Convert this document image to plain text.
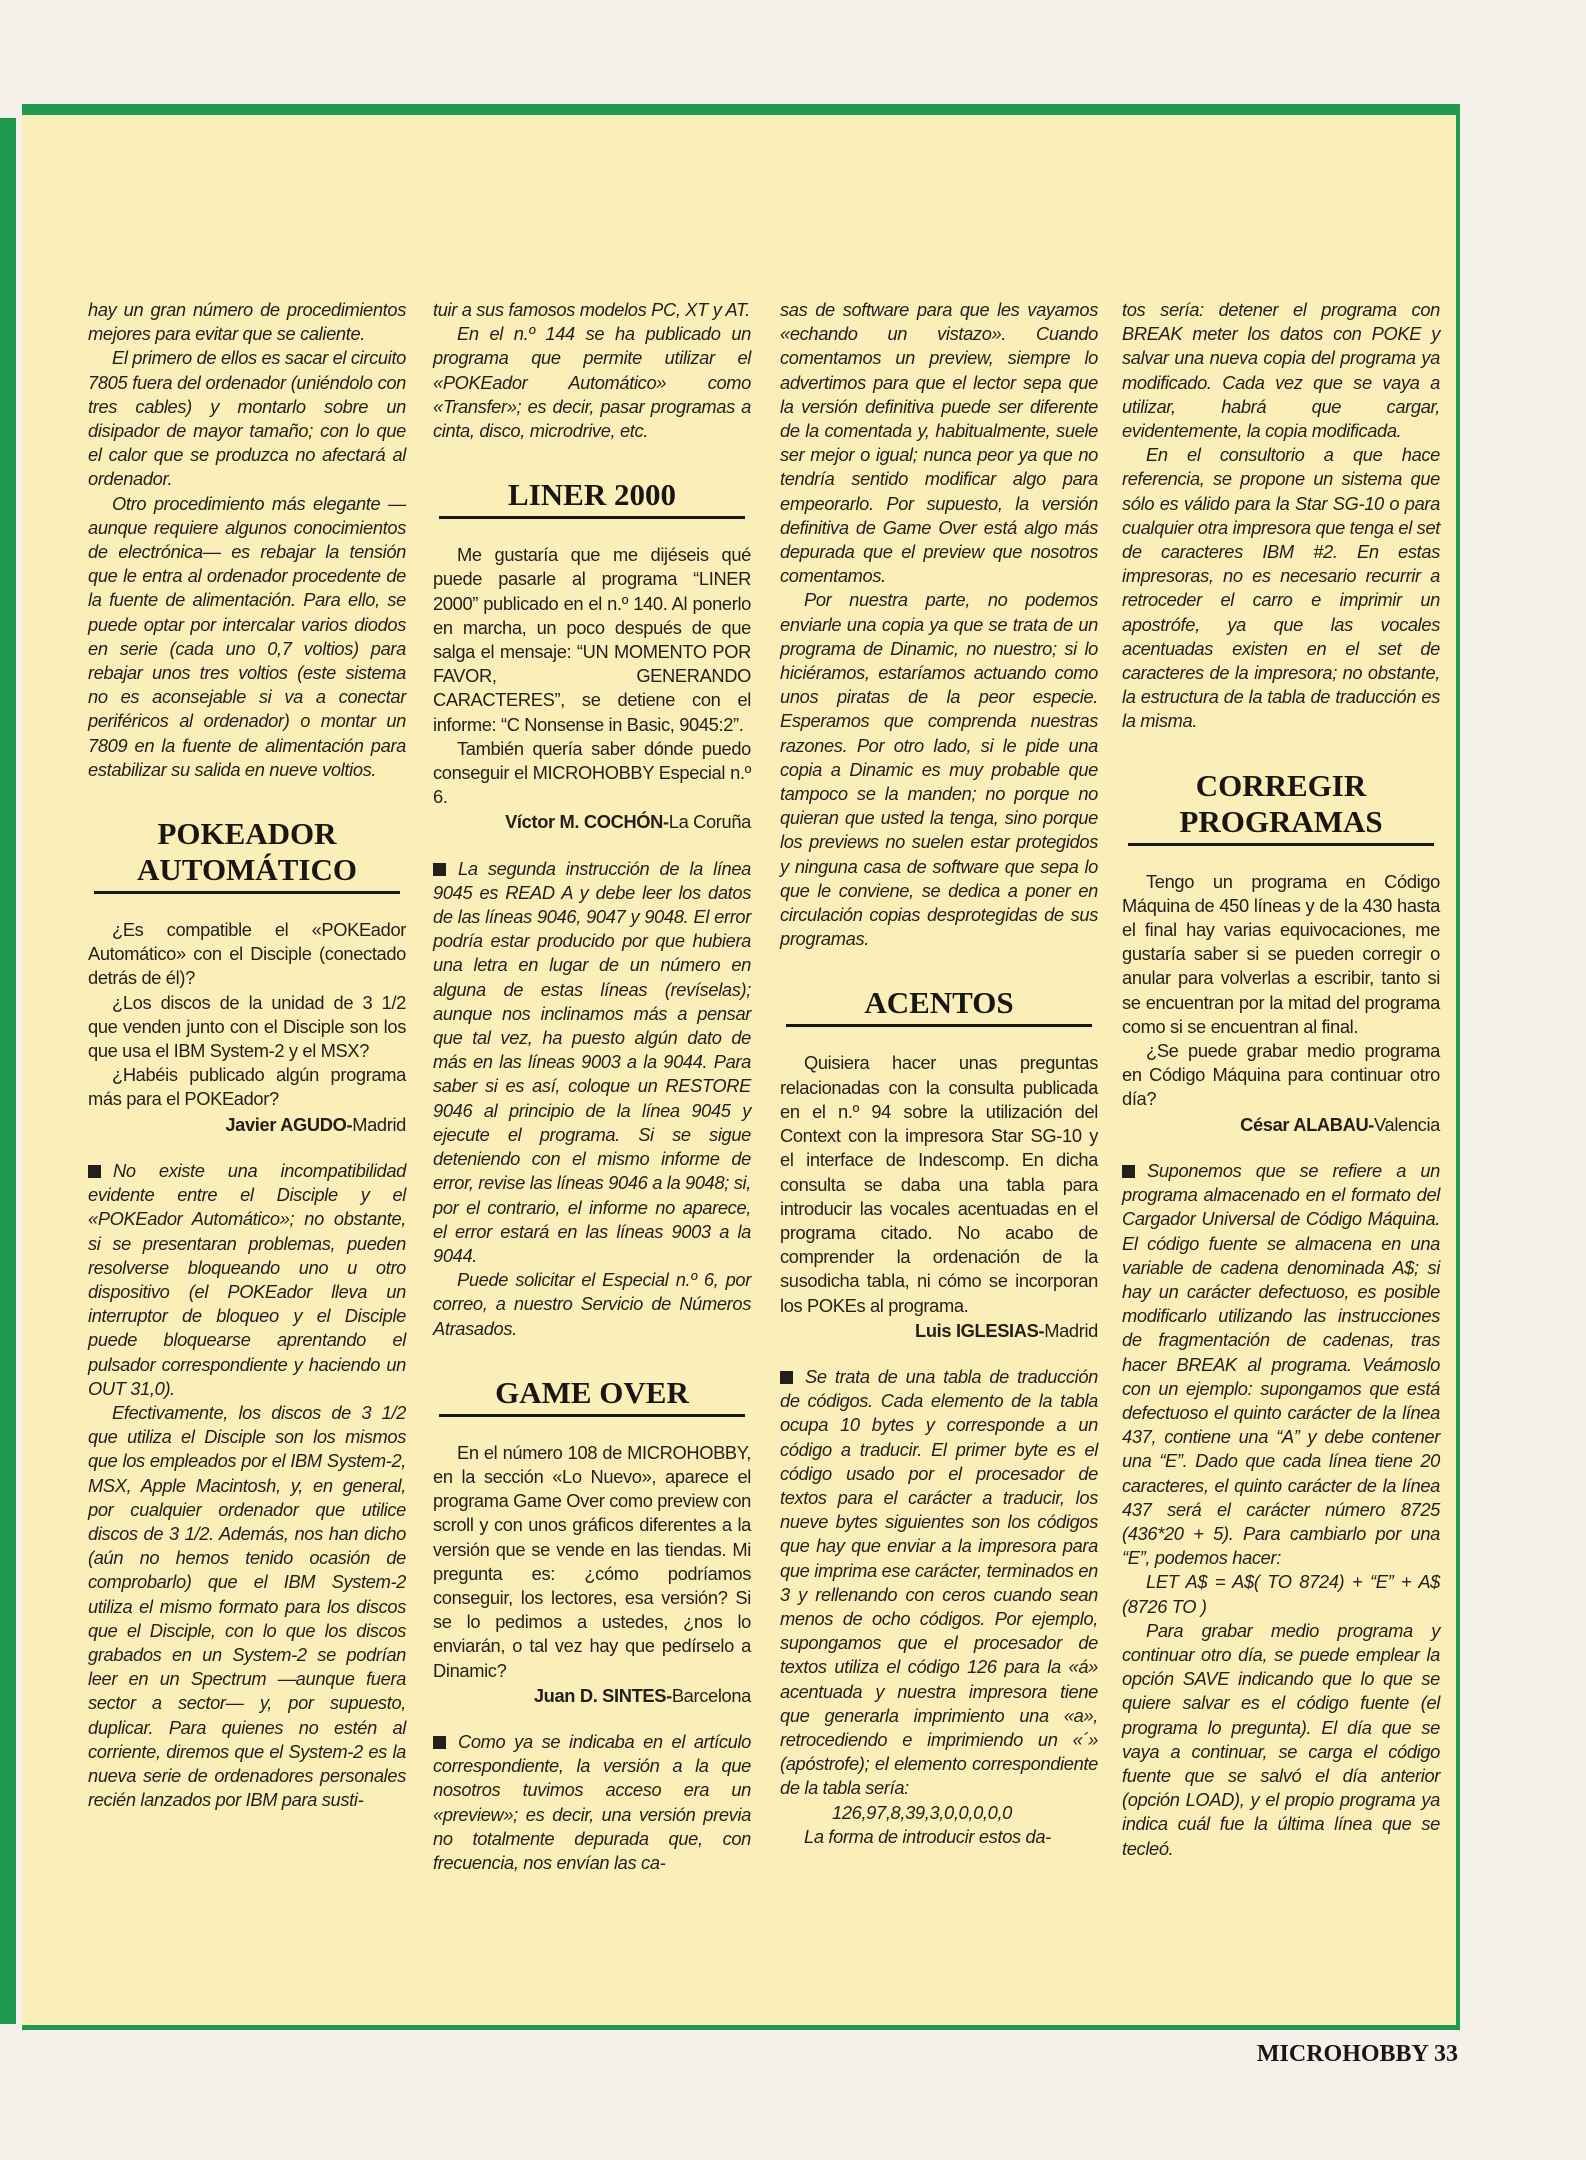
hay un gran número de procedimientos mejores para evitar que se caliente.

El primero de ellos es sacar el circuito 7805 fuera del ordenador (uniéndolo con tres cables) y montarlo sobre un disipador de mayor tamaño; con lo que el calor que se produzca no afectará al ordenador.

Otro procedimiento más elegante —aunque requiere algunos conocimientos de electrónica— es rebajar la tensión que le entra al ordenador procedente de la fuente de alimentación. Para ello, se puede optar por intercalar varios diodos en serie (cada uno 0,7 voltios) para rebajar unos tres voltios (este sistema no es aconsejable si va a conectar periféricos al ordenador) o montar un 7809 en la fuente de alimentación para estabilizar su salida en nueve voltios.

POKEADOR AUTOMÁTICO

¿Es compatible el «POKEador Automático» con el Disciple (conectado detrás de él)?

¿Los discos de la unidad de 3 1/2 que venden junto con el Disciple son los que usa el IBM System-2 y el MSX?

¿Habéis publicado algún programa más para el POKEador?

Javier AGUDO-Madrid

No existe una incompatibilidad evidente entre el Disciple y el «POKEador Automático»; no obstante, si se presentaran problemas, pueden resolverse bloqueando uno u otro dispositivo (el POKEador lleva un interruptor de bloqueo y el Disciple puede bloquearse aprentando el pulsador correspondiente y haciendo un OUT 31,0).

Efectivamente, los discos de 3 1/2 que utiliza el Disciple son los mismos que los empleados por el IBM System-2, MSX, Apple Macintosh, y, en general, por cualquier ordenador que utilice discos de 3 1/2. Además, nos han dicho (aún no hemos tenido ocasión de comprobarlo) que el IBM System-2 utiliza el mismo formato para los discos que el Disciple, con lo que los discos grabados en un System-2 se podrían leer en un Spectrum —aunque fuera sector a sector— y, por supuesto, duplicar. Para quienes no estén al corriente, diremos que el System-2 es la nueva serie de ordenadores personales recién lanzados por IBM para susti-

tuir a sus famosos modelos PC, XT y AT.

En el n.º 144 se ha publicado un programa que permite utilizar el «POKEador Automático» como «Transfer»; es decir, pasar programas a cinta, disco, microdrive, etc.

LINER 2000

Me gustaría que me dijéseis qué puede pasarle al programa “LINER 2000” publicado en el n.º 140. Al ponerlo en marcha, un poco después de que salga el mensaje: “UN MOMENTO POR FAVOR, GENERANDO CARACTERES”, se detiene con el informe: “C Nonsense in Basic, 9045:2”.

También quería saber dónde puedo conseguir el MICROHOBBY Especial n.º 6.

Víctor M. COCHÓN-La Coruña

La segunda instrucción de la línea 9045 es READ A y debe leer los datos de las líneas 9046, 9047 y 9048. El error podría estar producido por que hubiera una letra en lugar de un número en alguna de estas líneas (revíselas); aunque nos inclinamos más a pensar que tal vez, ha puesto algún dato de más en las líneas 9003 a la 9044. Para saber si es así, coloque un RESTORE 9046 al principio de la línea 9045 y ejecute el programa. Si se sigue deteniendo con el mismo informe de error, revise las líneas 9046 a la 9048; si, por el contrario, el informe no aparece, el error estará en las líneas 9003 a la 9044.

Puede solicitar el Especial n.º 6, por correo, a nuestro Servicio de Números Atrasados.

GAME OVER

En el número 108 de MICROHOBBY, en la sección «Lo Nuevo», aparece el programa Game Over como preview con scroll y con unos gráficos diferentes a la versión que se vende en las tiendas. Mi pregunta es: ¿cómo podríamos conseguir, los lectores, esa versión? Si se lo pedimos a ustedes, ¿nos lo enviarán, o tal vez hay que pedírselo a Dinamic?

Juan D. SINTES-Barcelona

Como ya se indicaba en el artículo correspondiente, la versión a la que nosotros tuvimos acceso era un «preview»; es decir, una versión previa no totalmente depurada que, con frecuencia, nos envían las ca-

sas de software para que les vayamos «echando un vistazo». Cuando comentamos un preview, siempre lo advertimos para que el lector sepa que la versión definitiva puede ser diferente de la comentada y, habitualmente, suele ser mejor o igual; nunca peor ya que no tendría sentido modificar algo para empeorarlo. Por supuesto, la versión definitiva de Game Over está algo más depurada que el preview que nosotros comentamos.

Por nuestra parte, no podemos enviarle una copia ya que se trata de un programa de Dinamic, no nuestro; si lo hiciéramos, estaríamos actuando como unos piratas de la peor especie. Esperamos que comprenda nuestras razones. Por otro lado, si le pide una copia a Dinamic es muy probable que tampoco se la manden; no porque no quieran que usted la tenga, sino porque los previews no suelen estar protegidos y ninguna casa de software que sepa lo que le conviene, se dedica a poner en circulación copias desprotegidas de sus programas.

ACENTOS

Quisiera hacer unas preguntas relacionadas con la consulta publicada en el n.º 94 sobre la utilización del Context con la impresora Star SG-10 y el interface de Indescomp. En dicha consulta se daba una tabla para introducir las vocales acentuadas en el programa citado. No acabo de comprender la ordenación de la susodicha tabla, ni cómo se incorporan los POKEs al programa.

Luis IGLESIAS-Madrid

Se trata de una tabla de traducción de códigos. Cada elemento de la tabla ocupa 10 bytes y corresponde a un código a traducir. El primer byte es el código usado por el procesador de textos para el carácter a traducir, los nueve bytes siguientes son los códigos que hay que enviar a la impresora para que imprima ese carácter, terminados en 3 y rellenando con ceros cuando sean menos de ocho códigos. Por ejemplo, supongamos que el procesador de textos utiliza el código 126 para la «á» acentuada y nuestra impresora tiene que generarla imprimiento una «a», retrocediendo e imprimiendo un «´» (apóstrofe); el elemento correspondiente de la tabla sería:

126,97,8,39,3,0,0,0,0,0

La forma de introducir estos da-

tos sería: detener el programa con BREAK meter los datos con POKE y salvar una nueva copia del programa ya modificado. Cada vez que se vaya a utilizar, habrá que cargar, evidentemente, la copia modificada.

En el consultorio a que hace referencia, se propone un sistema que sólo es válido para la Star SG-10 o para cualquier otra impresora que tenga el set de caracteres IBM #2. En estas impresoras, no es necesario recurrir a retroceder el carro e imprimir un apostrófe, ya que las vocales acentuadas existen en el set de caracteres de la impresora; no obstante, la estructura de la tabla de traducción es la misma.

CORREGIR PROGRAMAS

Tengo un programa en Código Máquina de 450 líneas y de la 430 hasta el final hay varias equivocaciones, me gustaría saber si se pueden corregir o anular para volverlas a escribir, tanto si se encuentran por la mitad del programa como si se encuentran al final.

¿Se puede grabar medio programa en Código Máquina para continuar otro día?

César ALABAU-Valencia

Suponemos que se refiere a un programa almacenado en el formato del Cargador Universal de Código Máquina. El código fuente se almacena en una variable de cadena denominada A$; si hay un carácter defectuoso, es posible modificarlo utilizando las instrucciones de fragmentación de cadenas, tras hacer BREAK al programa. Veámoslo con un ejemplo: supongamos que está defectuoso el quinto carácter de la línea 437, contiene una “A” y debe contener una “E”. Dado que cada línea tiene 20 caracteres, el quinto carácter de la línea 437 será el carácter número 8725 (436*20 + 5). Para cambiarlo por una “E”, podemos hacer:

LET A$ = A$( TO 8724) + “E” + A$ (8726 TO )

Para grabar medio programa y continuar otro día, se puede emplear la opción SAVE indicando que lo que se quiere salvar es el código fuente (el programa lo pregunta). El día que se vaya a continuar, se carga el código fuente que se salvó el día anterior (opción LOAD), y el propio programa ya indica cuál fue la última línea que se tecleó.

MICROHOBBY 33
